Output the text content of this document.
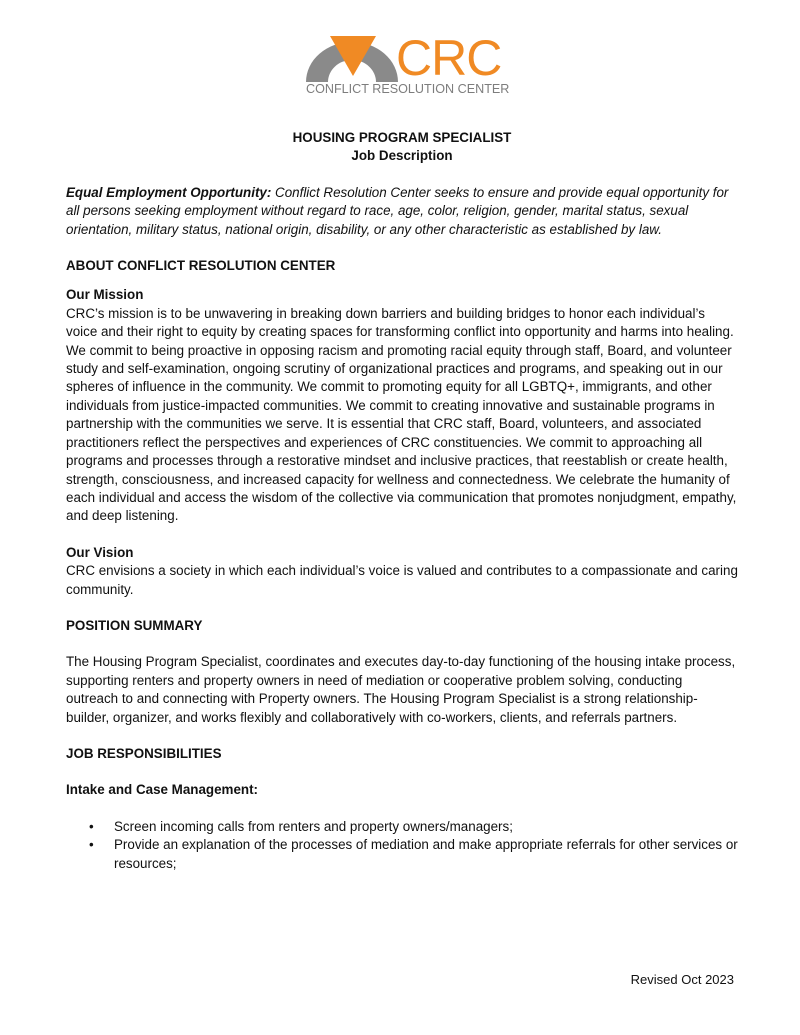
CRC
CONFLICT RESOLUTION CENTER

HOUSING PROGRAM SPECIALIST

Job Description

Equal Employment Opportunity: Conflict Resolution Center seeks to ensure and provide equal opportunity for all persons seeking employment without regard to race, age, color, religion, gender, marital status, sexual orientation, military status, national origin, disability, or any other characteristic as established by law.

ABOUT CONFLICT RESOLUTION CENTER

Our Mission

CRC’s mission is to be unwavering in breaking down barriers and building bridges to honor each individual’s voice and their right to equity by creating spaces for transforming conflict into opportunity and harms into healing. We commit to being proactive in opposing racism and promoting racial equity through staff, Board, and volunteer study and self-examination, ongoing scrutiny of organizational practices and programs, and speaking out in our spheres of influence in the community. We commit to promoting equity for all LGBTQ+, immigrants, and other individuals from justice-impacted communities. We commit to creating innovative and sustainable programs in partnership with the communities we serve. It is essential that CRC staff, Board, volunteers, and associated practitioners reflect the perspectives and experiences of CRC constituencies. We commit to approaching all programs and processes through a restorative mindset and inclusive practices, that reestablish or create health, strength, consciousness, and increased capacity for wellness and connectedness. We celebrate the humanity of each individual and access the wisdom of the collective via communication that promotes nonjudgment, empathy, and deep listening.

Our Vision

CRC envisions a society in which each individual’s voice is valued and contributes to a compassionate and caring community.

POSITION SUMMARY

The Housing Program Specialist, coordinates and executes day-to-day functioning of the housing intake process, supporting renters and property owners in need of mediation or cooperative problem solving, conducting outreach to and connecting with Property owners. The Housing Program Specialist is a strong relationship-builder, organizer, and works flexibly and collaboratively with co-workers, clients, and referrals partners.

JOB RESPONSIBILITIES

Intake and Case Management:

• Screen incoming calls from renters and property owners/managers;
• Provide an explanation of the processes of mediation and make appropriate referrals for other services or resources;
Revised Oct 2023
